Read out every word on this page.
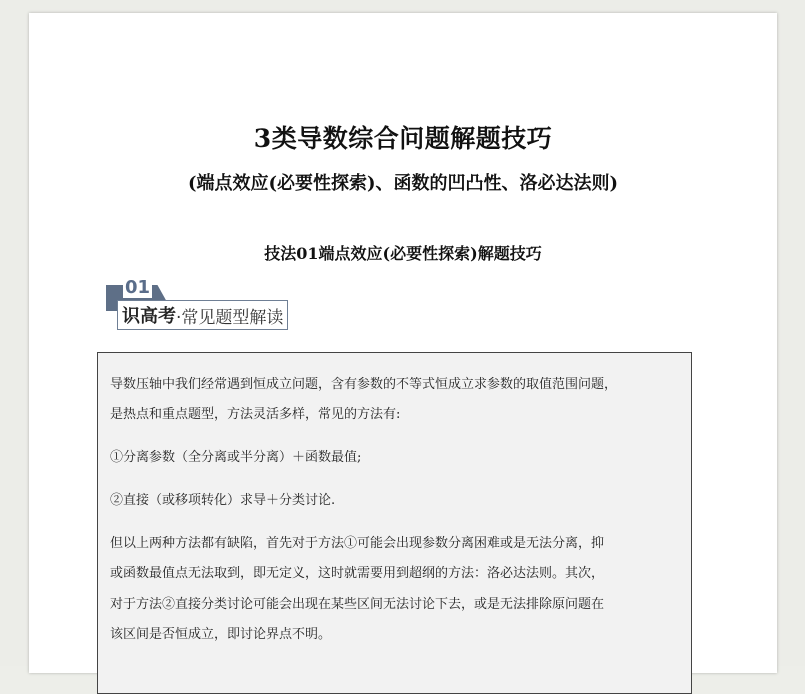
3类导数综合问题解题技巧
(端点效应(必要性探索)、函数的凹凸性、洛必达法则)
技法01端点效应(必要性探索)解题技巧
01
识高考 ·常见题型解读
导数压轴中我们经常遇到恒成立问题，含有参数的不等式恒成立求参数的取值范围问题，
是热点和重点题型，方法灵活多样，常见的方法有:
①分离参数（全分离或半分离）＋函数最值;
②直接（或移项转化）求导＋分类讨论.
但以上两种方法都有缺陷，首先对于方法①可能会出现参数分离困难或是无法分离，抑
或函数最值点无法取到，即无定义，这时就需要用到超纲的方法：洛必达法则。其次，
对于方法②直接分类讨论可能会出现在某些区间无法讨论下去，或是无法排除原问题在
该区间是否恒成立，即讨论界点不明。
